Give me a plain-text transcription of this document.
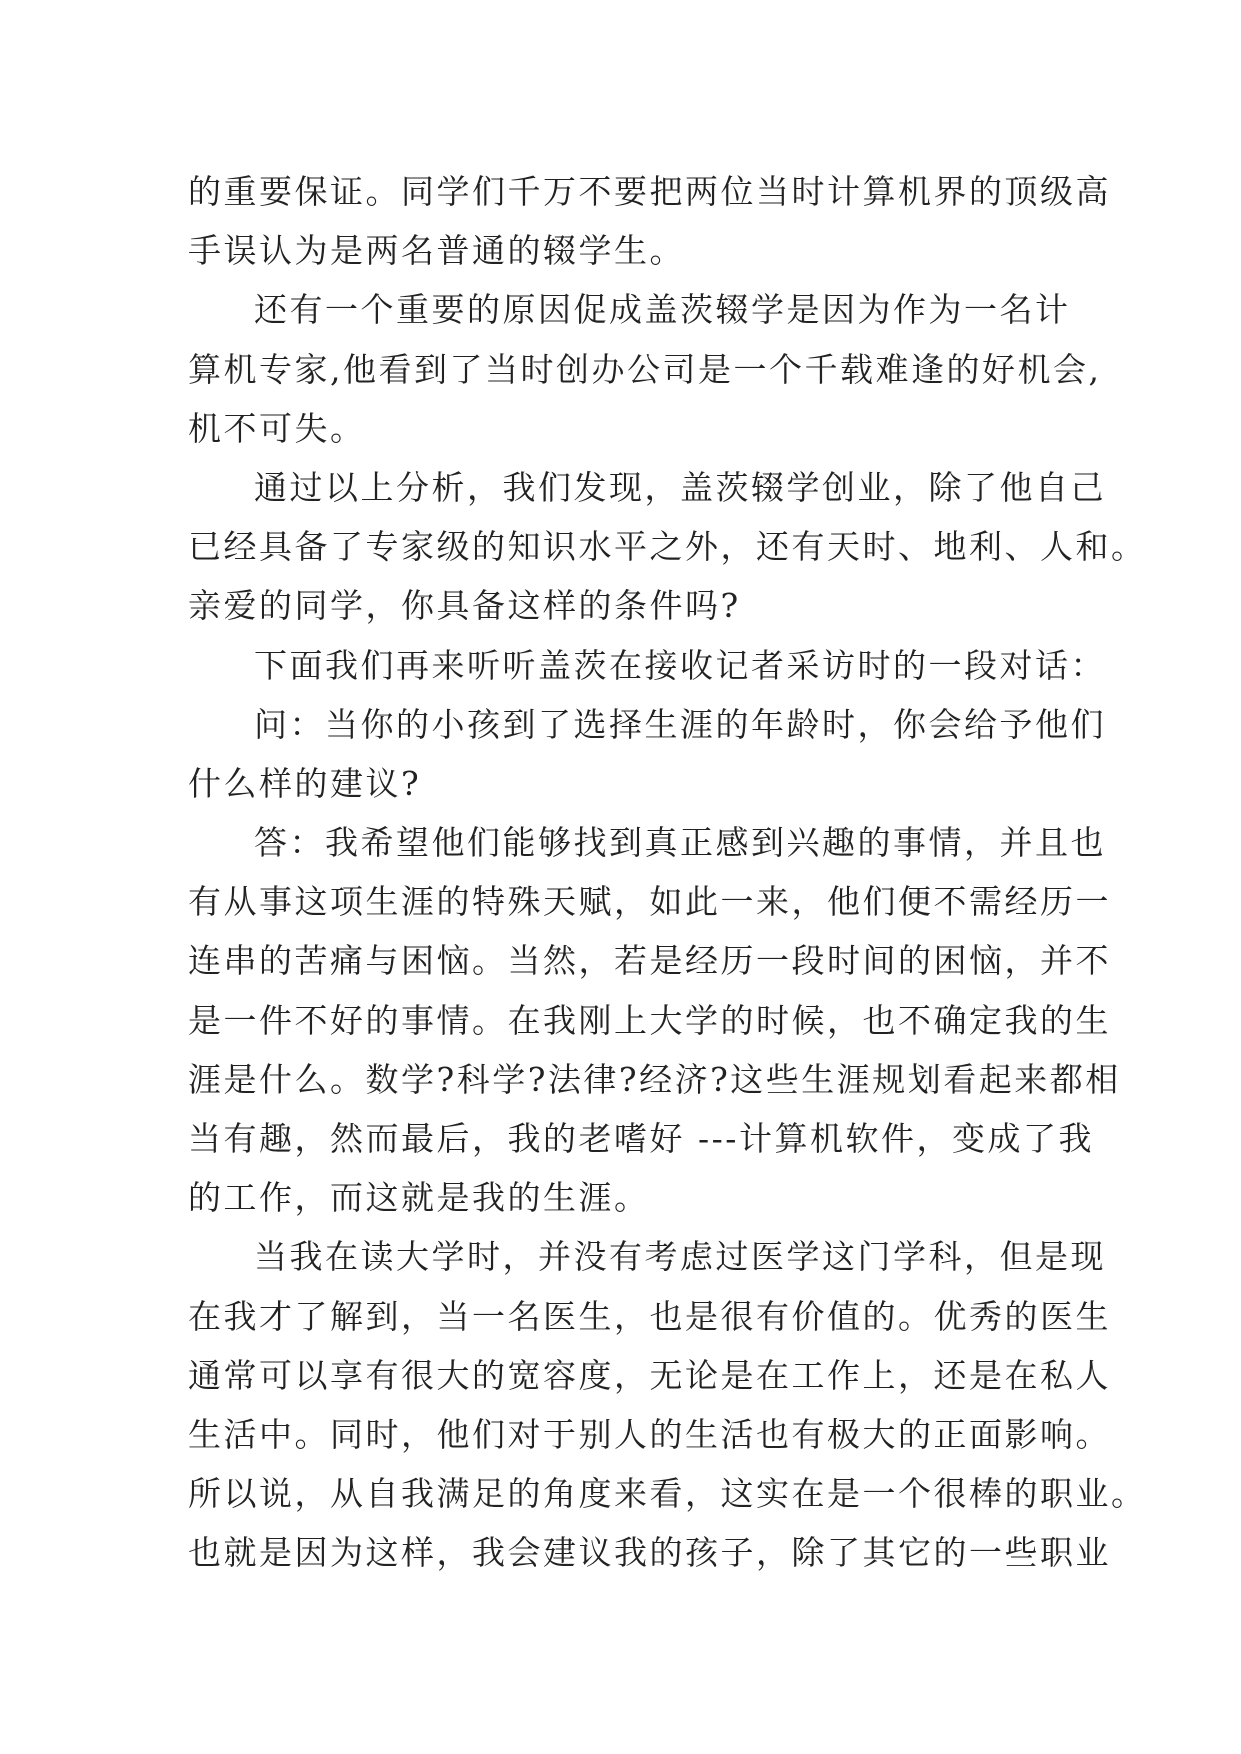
的重要保证。同学们千万不要把两位当时计算机界的顶级高
手误认为是两名普通的辍学生。
还有一个重要的原因促成盖茨辍学是因为作为一名计
算机专家,他看到了当时创办公司是一个千载难逢的好机会,
机不可失。
通过以上分析，我们发现，盖茨辍学创业，除了他自己
已经具备了专家级的知识水平之外，还有天时、地利、人和。
亲爱的同学，你具备这样的条件吗?
下面我们再来听听盖茨在接收记者采访时的一段对话：
问：当你的小孩到了选择生涯的年龄时，你会给予他们
什么样的建议?
答：我希望他们能够找到真正感到兴趣的事情，并且也
有从事这项生涯的特殊天赋，如此一来，他们便不需经历一
连串的苦痛与困恼。当然，若是经历一段时间的困恼，并不
是一件不好的事情。在我刚上大学的时候，也不确定我的生
涯是什么。数学?科学?法律?经济?这些生涯规划看起来都相
当有趣，然而最后，我的老嗜好 ---计算机软件，变成了我
的工作，而这就是我的生涯。
当我在读大学时，并没有考虑过医学这门学科，但是现
在我才了解到，当一名医生，也是很有价值的。优秀的医生
通常可以享有很大的宽容度，无论是在工作上，还是在私人
生活中。同时，他们对于别人的生活也有极大的正面影响。
所以说，从自我满足的角度来看，这实在是一个很棒的职业。
也就是因为这样，我会建议我的孩子，除了其它的一些职业
